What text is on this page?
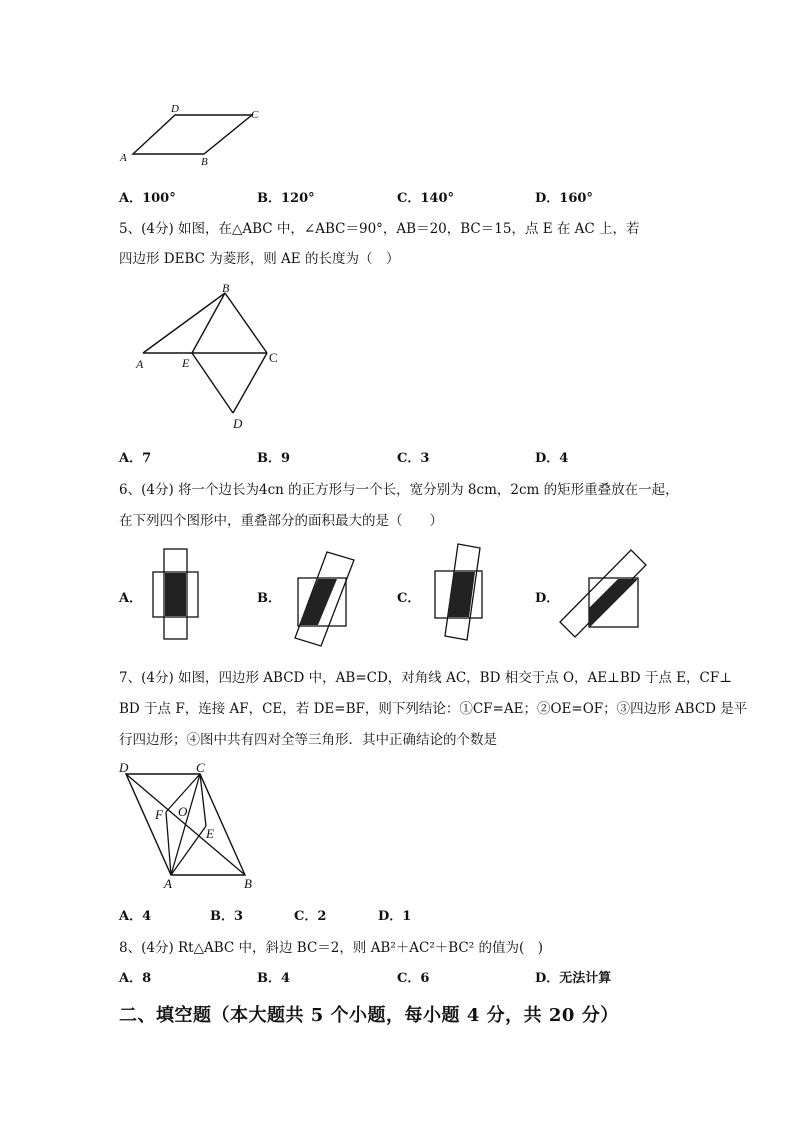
A	B
C
D
A．100°	B．120°	C．140°	D．160°
5、(4分) 如图，在△ABC 中，∠ABC＝90°，AB＝20，BC＝15，点 E 在 AC 上，若
四边形 DEBC 为菱形，则 AE 的长度为（　）
A
B
C
D
E
A．7	B．9	C．3	D．4
6、(4分) 将一个边长为4cn 的正方形与一个长，宽分别为 8cm，2cm 的矩形重叠放在一起，
在下列四个图形中，重叠部分的面积最大的是（　　）
A．	B．	C．	D．
7、(4分) 如图，四边形 ABCD 中，AB=CD，对角线 AC，BD 相交于点 O，AE⊥BD 于点 E，CF⊥
BD 于点 F，连接 AF，CE，若 DE=BF，则下列结论：①CF=AE；②OE=OF；③四边形 ABCD 是平
行四边形；④图中共有四对全等三角形．其中正确结论的个数是
D	C
A	B
F O
E
A．4	B．3	C．2	D．1
8、(4分) Rt△ABC 中，斜边 BC＝2，则 AB²＋AC²＋BC² 的值为(　)
A．8	B．4	C．6	D．无法计算
二、填空题（本大题共 5 个小题，每小题 4 分，共 20 分）
